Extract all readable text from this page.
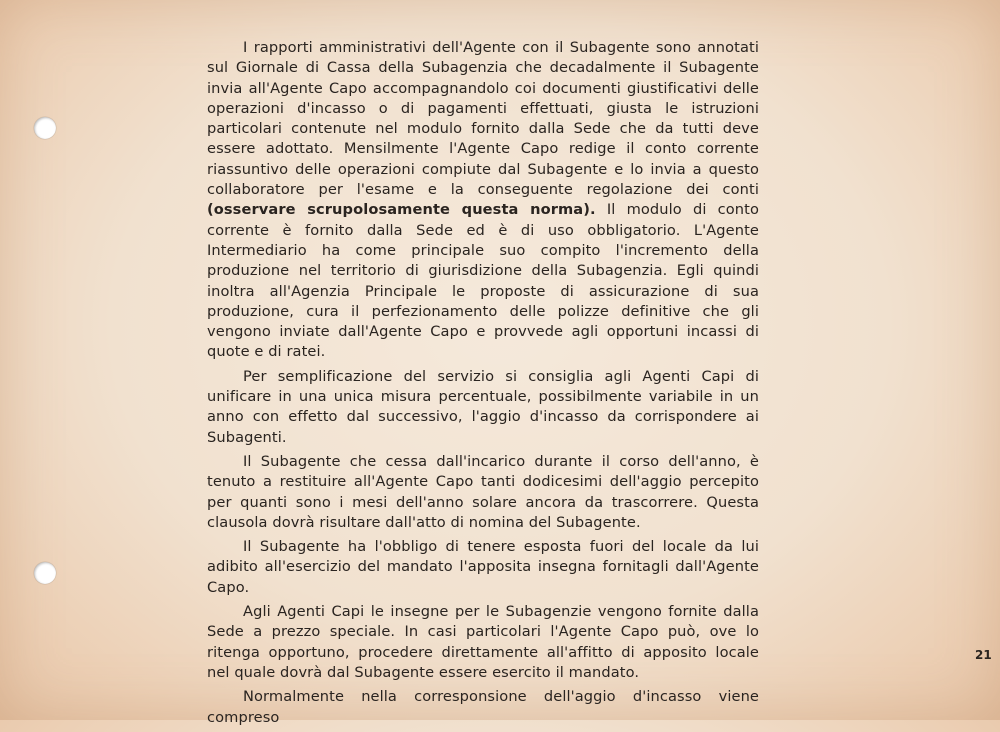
I rapporti amministrativi dell'Agente con il Subagente sono annotati sul Giornale di Cassa della Subagenzia che decadalmente il Subagente invia all'Agente Capo accompagnandolo coi documenti giustificativi delle operazioni d'incasso o di pagamenti effettuati, giusta le istruzioni particolari contenute nel modulo fornito dalla Sede che da tutti deve essere adottato. Mensilmente l'Agente Capo redige il conto corrente riassuntivo delle operazioni compiute dal Subagente e lo invia a questo collaboratore per l'esame e la conseguente regolazione dei conti (osservare scrupolosamente questa norma). Il modulo di conto corrente è fornito dalla Sede ed è di uso obbligatorio. L'Agente Intermediario ha come principale suo compito l'incremento della produzione nel territorio di giurisdizione della Subagenzia. Egli quindi inoltra all'Agenzia Principale le proposte di assicurazione di sua produzione, cura il perfezionamento delle polizze definitive che gli vengono inviate dall'Agente Capo e provvede agli opportuni incassi di quote e di ratei.

Per semplificazione del servizio si consiglia agli Agenti Capi di unificare in una unica misura percentuale, possibilmente variabile in un anno con effetto dal successivo, l'aggio d'incasso da corrispondere ai Subagenti.

Il Subagente che cessa dall'incarico durante il corso dell'anno, è tenuto a restituire all'Agente Capo tanti dodicesimi dell'aggio percepito per quanti sono i mesi dell'anno solare ancora da trascorrere. Questa clausola dovrà risultare dall'atto di nomina del Subagente.

Il Subagente ha l'obbligo di tenere esposta fuori del locale da lui adibito all'esercizio del mandato l'apposita insegna fornitagli dall'Agente Capo.

Agli Agenti Capi le insegne per le Subagenzie vengono fornite dalla Sede a prezzo speciale. In casi particolari l'Agente Capo può, ove lo ritenga opportuno, procedere direttamente all'affitto di apposito locale nel quale dovrà dal Subagente essere esercito il mandato.

Normalmente nella corresponsione dell'aggio d'incasso viene compreso

21
